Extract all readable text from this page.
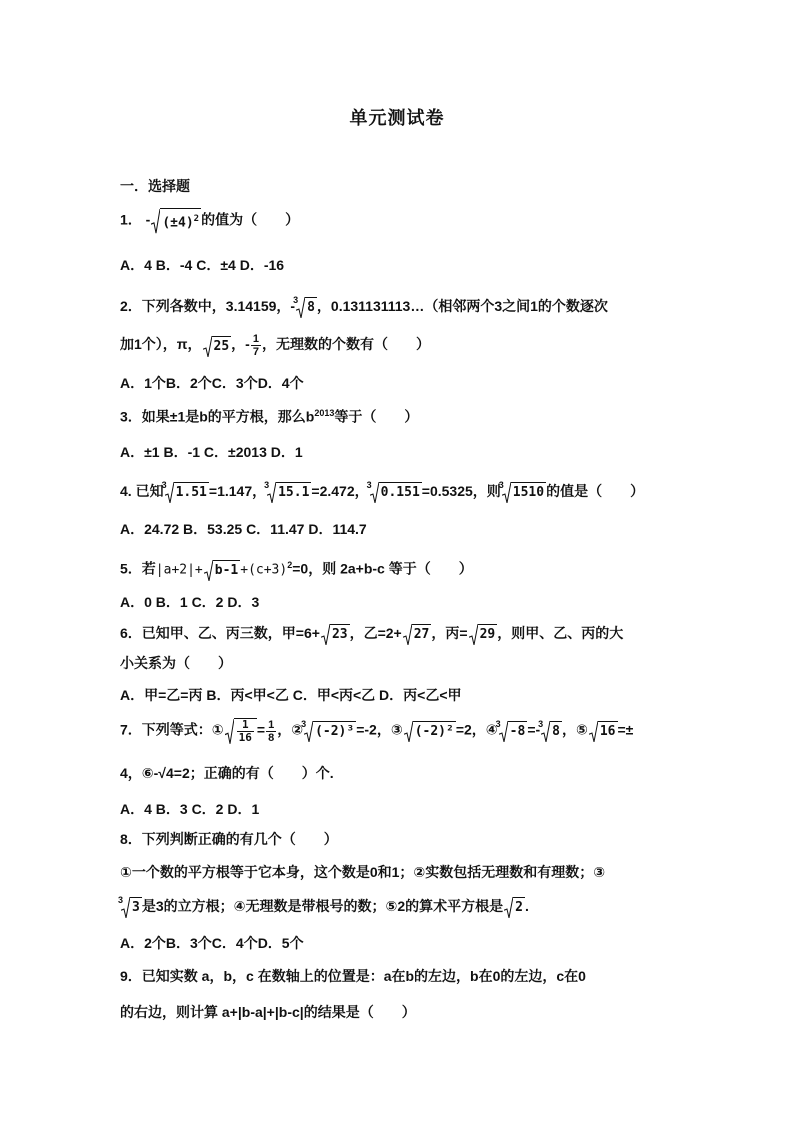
单元测试卷
一．选择题
1． - $(\pm 4)^2$ 的值为（　　）
A．4 B．-4 C．±4 D．-16
2．下列各数中，3.14159，-
3 8 ，0.131131113…（相邻两个3之间1的个数逐次
加1个），π， 25 ，- $\frac{1}{7}$ ，无理数的个数有（　　）
A．1个B．2个C．3个D．4个
3．如果±1是b的平方根，那么$b^{2013}$等于（　　）
A．±1 B．-1 C．±2013 D．1
4. 已知
3 1.51 =1.147，
3 15.1 =2.472，
3 0.151 =0.5325，则
3 1510 的值是（　　）
A．24.72 B．53.25 C．11.47 D．114.7
5．若$|a+2|+ b-1 +(c+3)^2=0$，则 2a+b-c 等于（　　）
A．0 B．1 C．2 D．3
6．已知甲、乙、丙三数，甲=6+ 23 ，乙=2+ 27 ，丙= 29 ，则甲、乙、丙的大
小关系为（　　）
A．甲=乙=丙 B．丙<甲<乙 C．甲<丙<乙 D．丙<乙<甲
7．下列等式：① $\frac{1}{16} = \frac{1}{8}$ ，②
3 (-2)³ =-2，③ (-2)² =2，④
3 -8 =-
3 8 ，⑤ 16 =±
4，⑥-√4=2；正确的有（　　）个.
A．4 B．3 C．2 D．1
8．下列判断正确的有几个（　　）
①一个数的平方根等于它本身，这个数是0和1；②实数包括无理数和有理数；③
3 3 是3的立方根；④无理数是带根号的数；⑤2的算术平方根是 2 .
A．2个B．3个C．4个D．5个
9．已知实数 a，b，c 在数轴上的位置是：a在b的左边，b在0的左边，c在0
的右边，则计算 a+|b-a|+|b-c|的结果是（　　）
